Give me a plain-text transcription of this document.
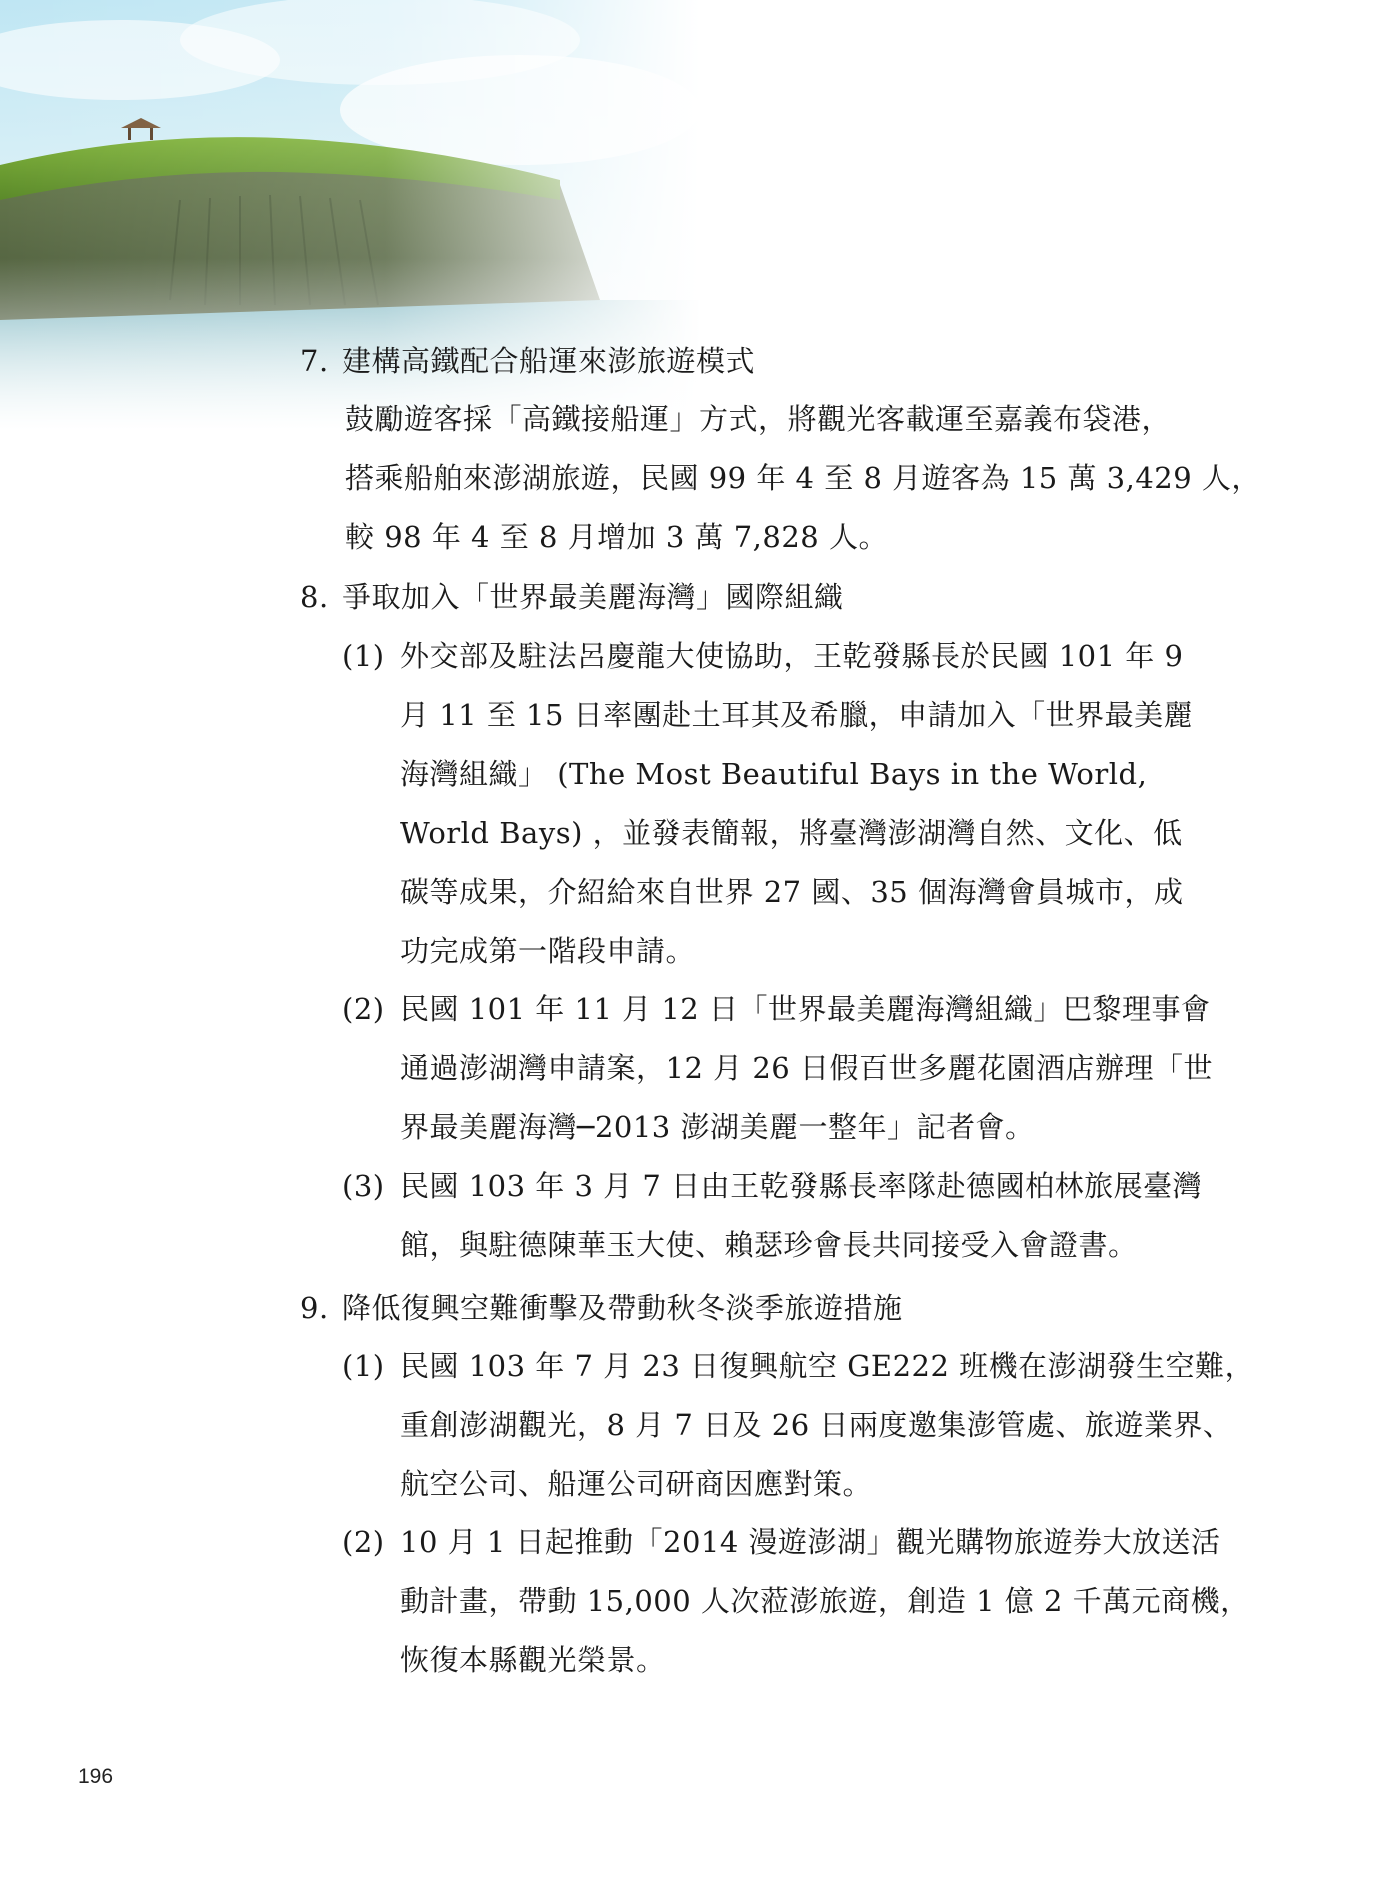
7. 建構高鐵配合船運來澎旅遊模式
鼓勵遊客採「高鐵接船運」方式，將觀光客載運至嘉義布袋港，
搭乘船舶來澎湖旅遊，民國 99 年 4 至 8 月遊客為 15 萬 3,429 人，
較 98 年 4 至 8 月增加 3 萬 7,828 人。
8. 爭取加入「世界最美麗海灣」國際組織
(1) 外交部及駐法呂慶龍大使協助，王乾發縣長於民國 101 年 9
月 11 至 15 日率團赴土耳其及希臘，申請加入「世界最美麗
海灣組織」 (The Most Beautiful Bays in the World,
World Bays) ，並發表簡報，將臺灣澎湖灣自然、文化、低
碳等成果，介紹給來自世界 27 國、35 個海灣會員城市，成
功完成第一階段申請。
(2) 民國 101 年 11 月 12 日「世界最美麗海灣組織」巴黎理事會
通過澎湖灣申請案，12 月 26 日假百世多麗花園酒店辦理「世
界最美麗海灣─2013 澎湖美麗一整年」記者會。
(3) 民國 103 年 3 月 7 日由王乾發縣長率隊赴德國柏林旅展臺灣
館，與駐德陳華玉大使、賴瑟珍會長共同接受入會證書。
9. 降低復興空難衝擊及帶動秋冬淡季旅遊措施
(1) 民國 103 年 7 月 23 日復興航空 GE222 班機在澎湖發生空難，
重創澎湖觀光，8 月 7 日及 26 日兩度邀集澎管處、旅遊業界、
航空公司、船運公司研商因應對策。
(2) 10 月 1 日起推動「2014 漫遊澎湖」觀光購物旅遊券大放送活
動計畫，帶動 15,000 人次蒞澎旅遊，創造 1 億 2 千萬元商機，
恢復本縣觀光榮景。
196
